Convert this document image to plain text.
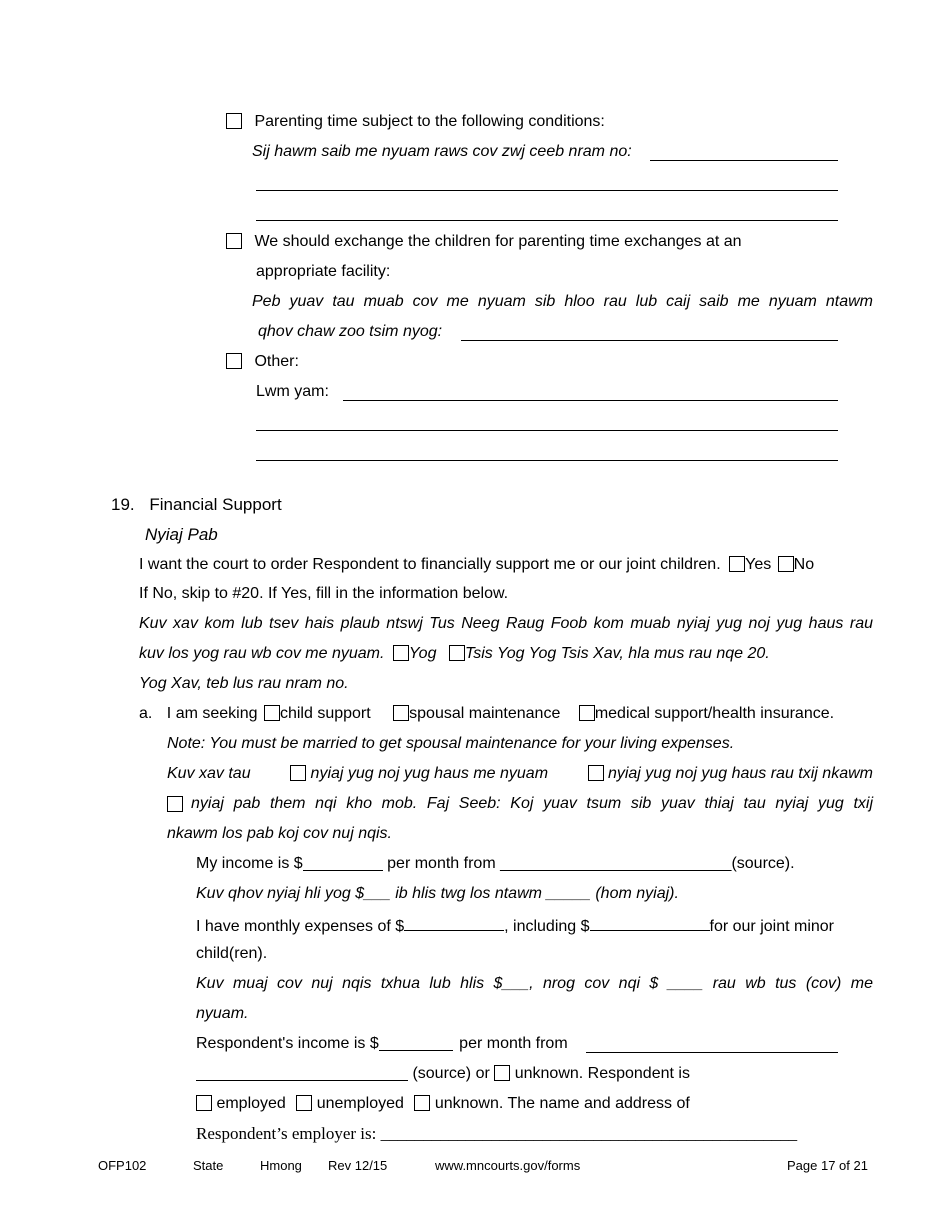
Parenting time subject to the following conditions:
Sij hawm saib me nyuam raws cov zwj ceeb nram no:
We should exchange the children for parenting time exchanges at an
appropriate facility:
Peb yuav tau muab cov me nyuam sib hloo rau lub caij saib me nyuam ntawm
qhov chaw zoo tsim nyog:
Other:
Lwm yam:
19. Financial Support
Nyiaj Pab
I want the court to order Respondent to financially support me or our joint children. Yes No
If No, skip to #20. If Yes, fill in the information below.
Kuv xav kom lub tsev hais plaub ntswj Tus Neeg Raug Foob kom muab nyiaj yug noj yug haus rau
kuv los yog rau wb cov me nyuam. Yog Tsis Yog Yog Tsis Xav, hla mus rau nqe 20.
Yog Xav, teb lus rau nram no.
a. I am seeking child support spousal maintenance medical support/health insurance.
Note: You must be married to get spousal maintenance for your living expenses.
Kuv xav tau	nyiaj yug noj yug haus me nyuam	nyiaj yug noj yug haus rau txij nkawm
nyiaj pab them nqi kho mob. Faj Seeb: Koj yuav tsum sib yuav thiaj tau nyiaj yug txij
nkawm los pab koj cov nuj nqis.
My income is $	per month from __________________________(source).
Kuv qhov nyiaj hli yog $___ ib hlis twg los ntawm _____ (hom nyiaj).
I have monthly expenses of $	, including $	for our joint minor
child(ren).
Kuv muaj cov nuj nqis txhua lub hlis $___, nrog cov nqi $ ____ rau wb tus (cov) me
nyuam.
Respondent's income is $	per month from
(source) or unknown. Respondent is
employed unemployed unknown. The name and address of
Respondent’s employer is: _________________________________________________
OFP102	State	Hmong Rev 12/15	www.mncourts.gov/forms	Page 17 of 21
